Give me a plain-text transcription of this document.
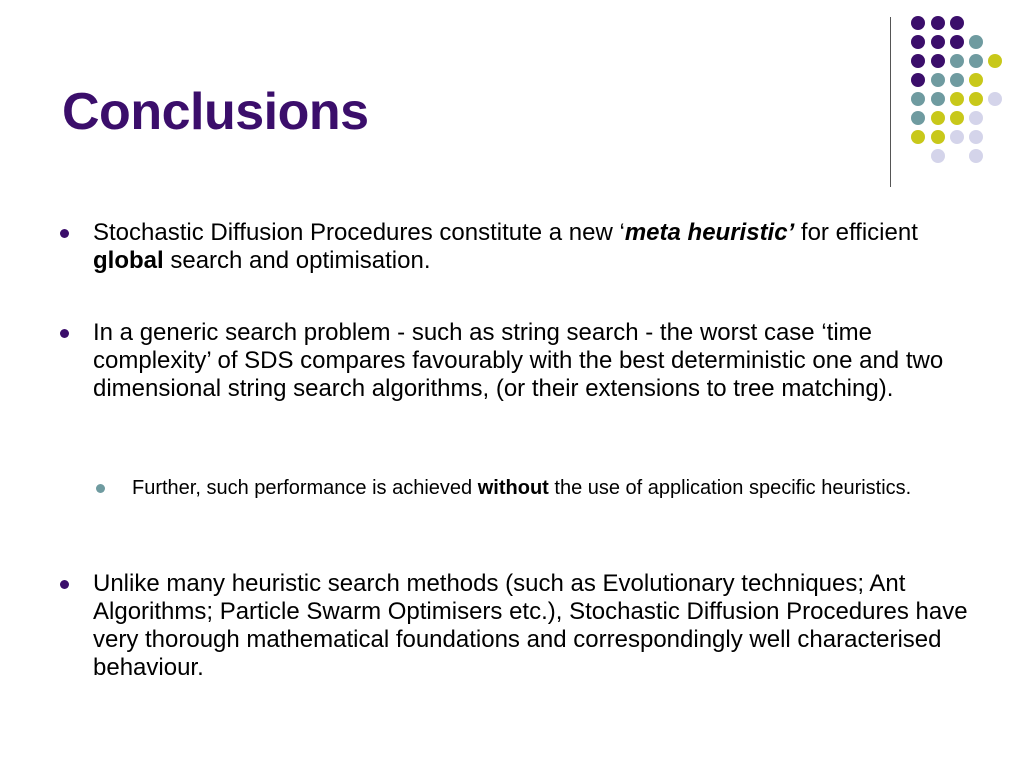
Conclusions
Stochastic Diffusion Procedures constitute a new ‘meta heuristic’ for efficient global search and optimisation.
In a generic search problem - such as string search - the worst case ‘time complexity’ of SDS compares favourably with the best deterministic one and two dimensional string search algorithms, (or their extensions to tree matching).
Further, such performance is achieved without the use of application specific heuristics.
Unlike many heuristic search methods (such as Evolutionary techniques; Ant Algorithms; Particle Swarm Optimisers etc.), Stochastic Diffusion Procedures have very thorough mathematical foundations and correspondingly well characterised behaviour.
